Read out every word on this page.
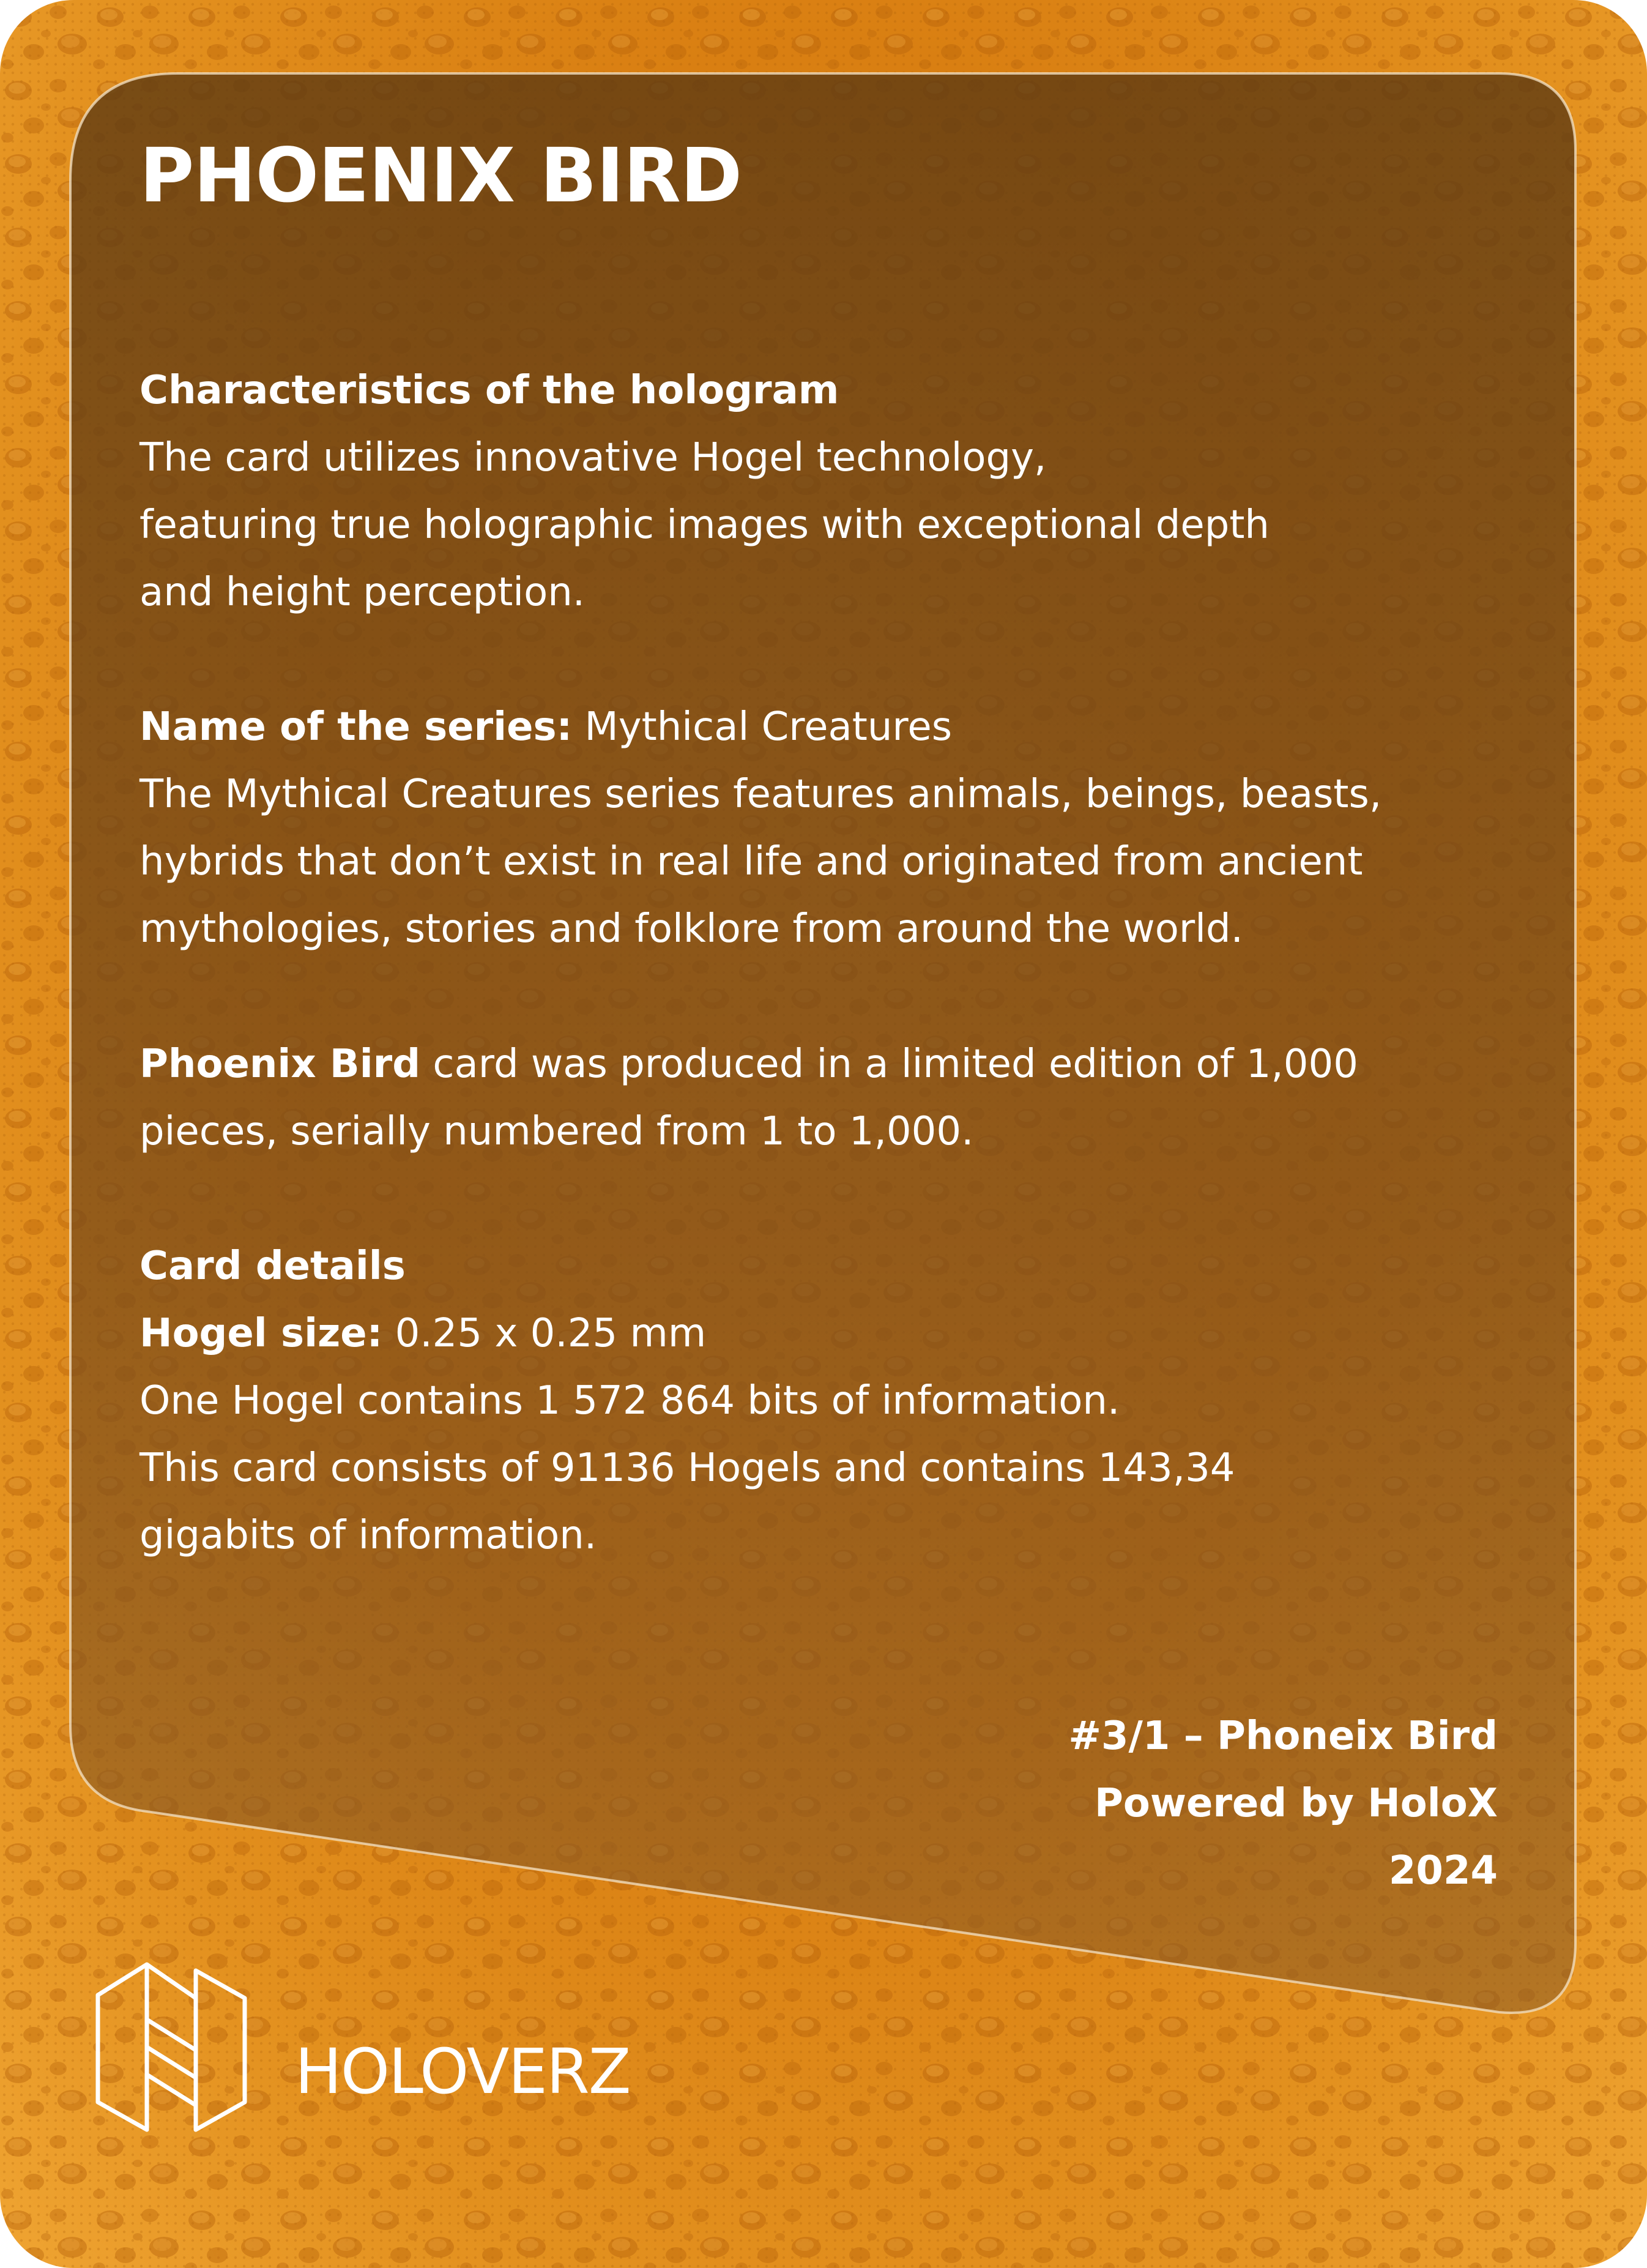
PHOENIX BIRD
Characteristics of the hologram
The card utilizes innovative Hogel technology,
featuring true holographic images with exceptional depth
and height perception.
Name of the series: Mythical Creatures
The Mythical Creatures series features animals, beings, beasts,
hybrids that don’t exist in real life and originated from ancient
mythologies, stories and folklore from around the world.
Phoenix Bird card was produced in a limited edition of 1,000
pieces, serially numbered from 1 to 1,000.
Card details
Hogel size: 0.25 x 0.25 mm
One Hogel contains 1 572 864 bits of information.
This card consists of 91136 Hogels and contains 143,34
gigabits of information.
#3/1 – Phoneix Bird
Powered by HoloX
2024
HOLOVERZ
